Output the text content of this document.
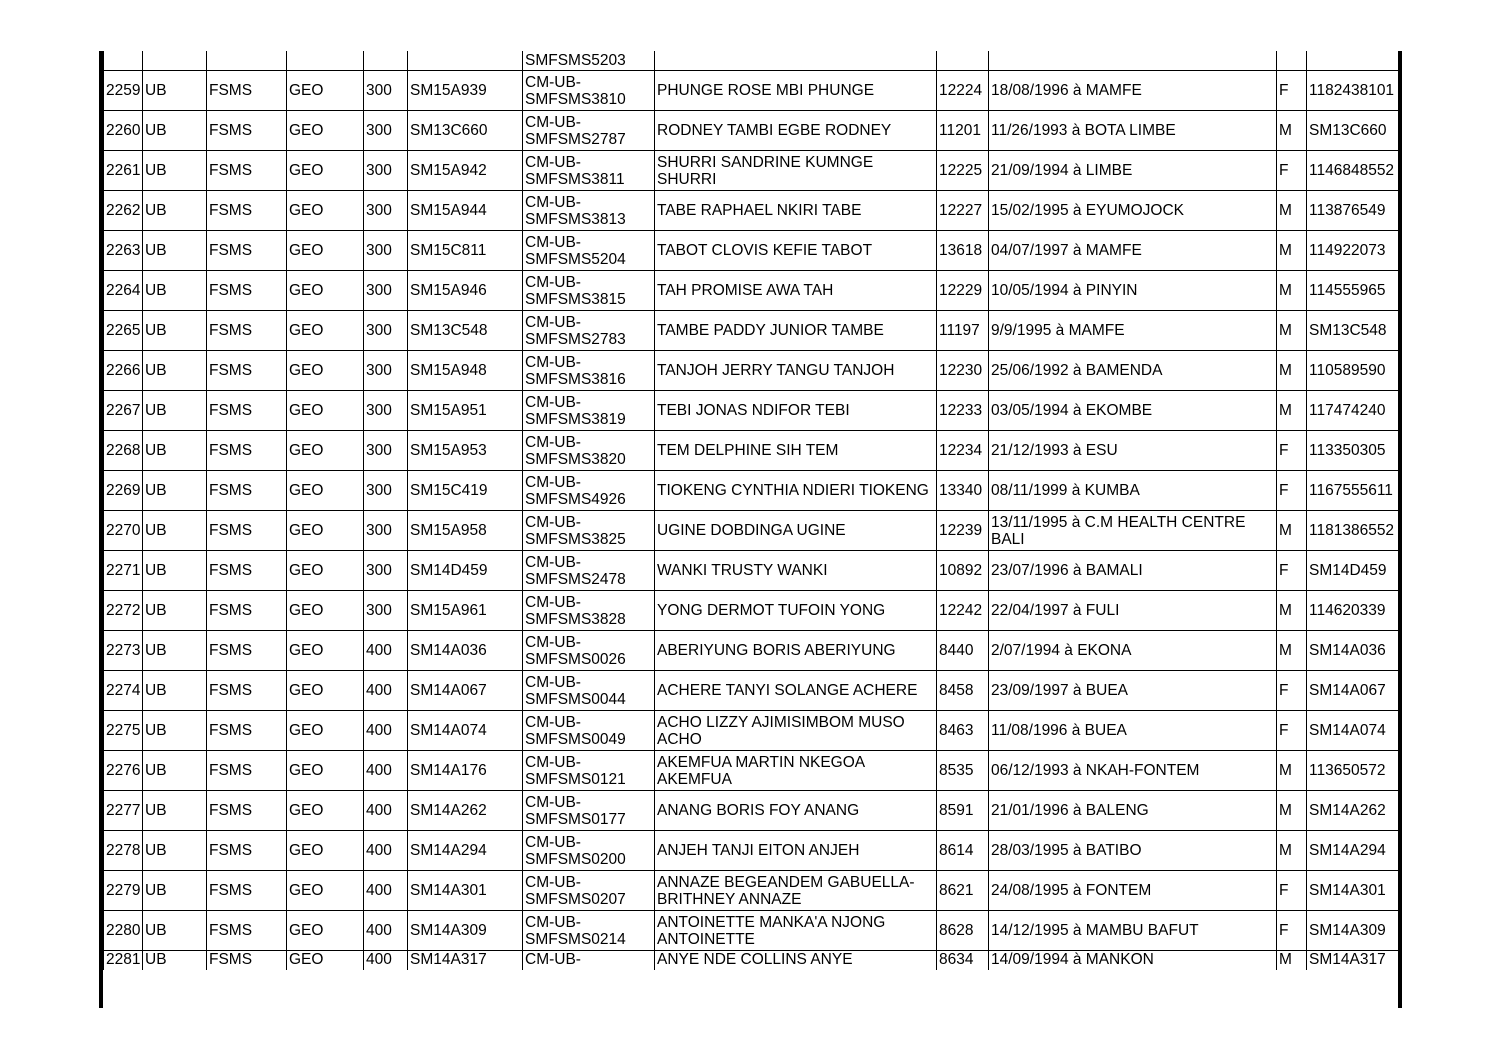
						SMFSMS5203					
2259	UB	FSMS	GEO	300	SM15A939	CM-UB-SMFSMS3810	PHUNGE ROSE MBI PHUNGE	12224	18/08/1996 à MAMFE	F	1182438101
2260	UB	FSMS	GEO	300	SM13C660	CM-UB-SMFSMS2787	RODNEY TAMBI EGBE RODNEY	11201	11/26/1993 à BOTA LIMBE	M	SM13C660
2261	UB	FSMS	GEO	300	SM15A942	CM-UB-SMFSMS3811	SHURRI SANDRINE KUMNGE SHURRI	12225	21/09/1994 à LIMBE	F	1146848552
2262	UB	FSMS	GEO	300	SM15A944	CM-UB-SMFSMS3813	TABE RAPHAEL NKIRI TABE	12227	15/02/1995 à EYUMOJOCK	M	113876549
2263	UB	FSMS	GEO	300	SM15C811	CM-UB-SMFSMS5204	TABOT CLOVIS KEFIE TABOT	13618	04/07/1997 à MAMFE	M	114922073
2264	UB	FSMS	GEO	300	SM15A946	CM-UB-SMFSMS3815	TAH PROMISE AWA TAH	12229	10/05/1994 à PINYIN	M	114555965
2265	UB	FSMS	GEO	300	SM13C548	CM-UB-SMFSMS2783	TAMBE PADDY JUNIOR TAMBE	11197	9/9/1995 à MAMFE	M	SM13C548
2266	UB	FSMS	GEO	300	SM15A948	CM-UB-SMFSMS3816	TANJOH JERRY TANGU TANJOH	12230	25/06/1992 à BAMENDA	M	110589590
2267	UB	FSMS	GEO	300	SM15A951	CM-UB-SMFSMS3819	TEBI JONAS NDIFOR TEBI	12233	03/05/1994 à EKOMBE	M	117474240
2268	UB	FSMS	GEO	300	SM15A953	CM-UB-SMFSMS3820	TEM DELPHINE SIH TEM	12234	21/12/1993 à ESU	F	113350305
2269	UB	FSMS	GEO	300	SM15C419	CM-UB-SMFSMS4926	TIOKENG CYNTHIA NDIERI TIOKENG	13340	08/11/1999 à KUMBA	F	1167555611
2270	UB	FSMS	GEO	300	SM15A958	CM-UB-SMFSMS3825	UGINE DOBDINGA UGINE	12239	13/11/1995 à C.M HEALTH CENTRE BALI	M	1181386552
2271	UB	FSMS	GEO	300	SM14D459	CM-UB-SMFSMS2478	WANKI TRUSTY WANKI	10892	23/07/1996 à BAMALI	F	SM14D459
2272	UB	FSMS	GEO	300	SM15A961	CM-UB-SMFSMS3828	YONG DERMOT TUFOIN YONG	12242	22/04/1997 à FULI	M	114620339
2273	UB	FSMS	GEO	400	SM14A036	CM-UB-SMFSMS0026	ABERIYUNG BORIS ABERIYUNG	8440	2/07/1994 à EKONA	M	SM14A036
2274	UB	FSMS	GEO	400	SM14A067	CM-UB-SMFSMS0044	ACHERE TANYI SOLANGE ACHERE	8458	23/09/1997 à BUEA	F	SM14A067
2275	UB	FSMS	GEO	400	SM14A074	CM-UB-SMFSMS0049	ACHO LIZZY AJIMISIMBOM MUSO ACHO	8463	11/08/1996 à BUEA	F	SM14A074
2276	UB	FSMS	GEO	400	SM14A176	CM-UB-SMFSMS0121	AKEMFUA MARTIN NKEGOA AKEMFUA	8535	06/12/1993 à NKAH-FONTEM	M	113650572
2277	UB	FSMS	GEO	400	SM14A262	CM-UB-SMFSMS0177	ANANG BORIS FOY ANANG	8591	21/01/1996 à BALENG	M	SM14A262
2278	UB	FSMS	GEO	400	SM14A294	CM-UB-SMFSMS0200	ANJEH TANJI EITON ANJEH	8614	28/03/1995 à BATIBO	M	SM14A294
2279	UB	FSMS	GEO	400	SM14A301	CM-UB-SMFSMS0207	ANNAZE BEGEANDEM GABUELLA-BRITHNEY ANNAZE	8621	24/08/1995 à FONTEM	F	SM14A301
2280	UB	FSMS	GEO	400	SM14A309	CM-UB-SMFSMS0214	ANTOINETTE MANKA'A NJONG ANTOINETTE	8628	14/12/1995 à MAMBU BAFUT	F	SM14A309
2281	UB	FSMS	GEO	400	SM14A317	CM-UB-	ANYE NDE COLLINS ANYE	8634	14/09/1994 à MANKON	M	SM14A317
